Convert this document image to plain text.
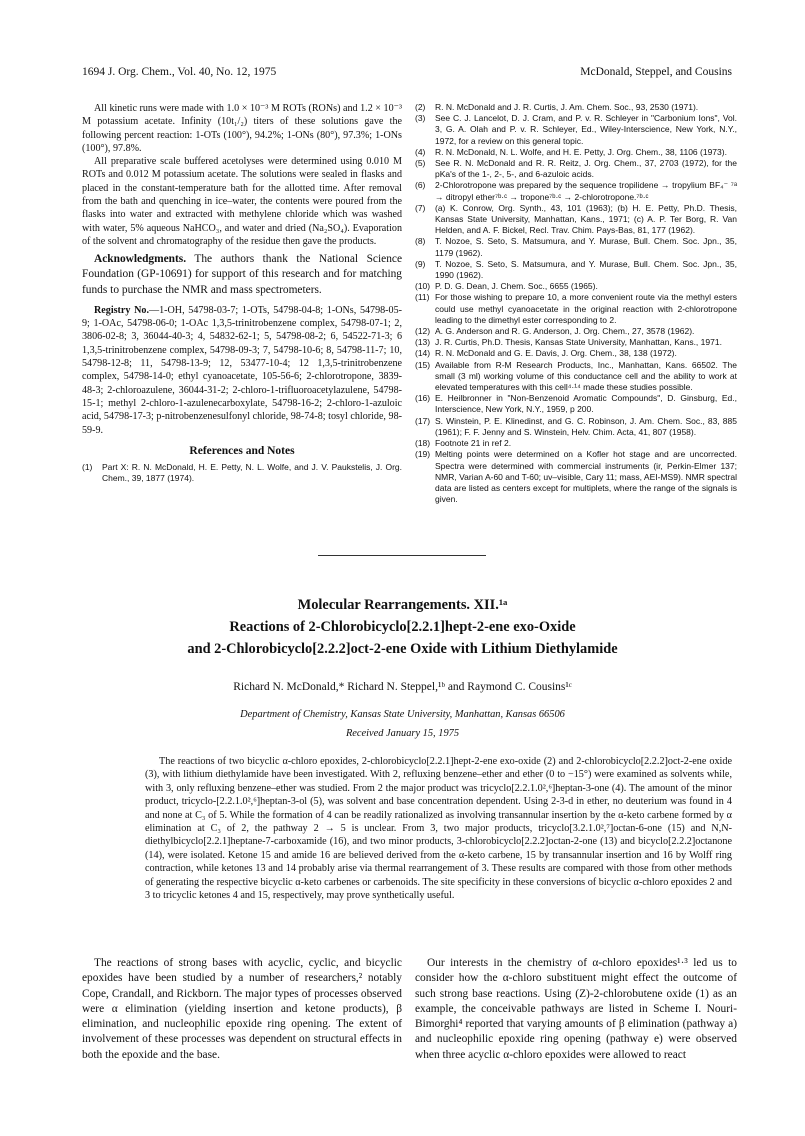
1694 J. Org. Chem., Vol. 40, No. 12, 1975	McDonald, Steppel, and Cousins

All kinetic runs were made with 1.0 × 10⁻³ M ROTs (RONs) and 1.2 × 10⁻³ M potassium acetate. Infinity (10t₁/₂) titers of these solutions gave the following percent reaction: 1-OTs (100°), 94.2%; 1-ONs (80°), 97.3%; 1-ONs (100°), 97.8%.

All preparative scale buffered acetolyses were determined using 0.010 M ROTs and 0.012 M potassium acetate. The solutions were sealed in flasks and placed in the constant-temperature bath for the allotted time. After removal from the bath and quenching in ice–water, the contents were poured from the flasks into water and extracted with methylene chloride which was washed with water, 5% aqueous NaHCO₃, and water and dried (Na₂SO₄). Evaporation of the solvent and chromatography of the residue then gave the products.

Acknowledgments. The authors thank the National Science Foundation (GP-10691) for support of this research and for matching funds to purchase the NMR and mass spectrometers.
Registry No.—1-OH, 54798-03-7; 1-OTs, 54798-04-8; 1-ONs, 54798-05-9; 1-OAc, 54798-06-0; 1-OAc 1,3,5-trinitrobenzene complex, 54798-07-1; 2, 3806-02-8; 3, 36044-40-3; 4, 54832-62-1; 5, 54798-08-2; 6, 54522-71-3; 6 1,3,5-trinitrobenzene complex, 54798-09-3; 7, 54798-10-6; 8, 54798-11-7; 10, 54798-12-8; 11, 54798-13-9; 12, 53477-10-4; 12 1,3,5-trinitrobenzene complex, 54798-14-0; ethyl cyanoacetate, 105-56-6; 2-chlorotropone, 3839-48-3; 2-chloroazulene, 36044-31-2; 2-chloro-1-trifluoroacetylazulene, 54798-15-1; methyl 2-chloro-1-azulenecarboxylate, 54798-16-2; 2-chloro-1-azuloic acid, 54798-17-3; p-nitrobenzenesulfonyl chloride, 98-74-8; tosyl chloride, 98-59-9.
References and Notes
(1)	Part X: R. N. McDonald, H. E. Petty, N. L. Wolfe, and J. V. Paukstelis, J. Org. Chem., 39, 1877 (1974).
(2)	R. N. McDonald and J. R. Curtis, J. Am. Chem. Soc., 93, 2530 (1971).
(3)	See C. J. Lancelot, D. J. Cram, and P. v. R. Schleyer in "Carbonium Ions", Vol. 3, G. A. Olah and P. v. R. Schleyer, Ed., Wiley-Interscience, New York, N.Y., 1972, for a review on this general topic.
(4)	R. N. McDonald, N. L. Wolfe, and H. E. Petty, J. Org. Chem., 38, 1106 (1973).
(5)	See R. N. McDonald and R. R. Reitz, J. Org. Chem., 37, 2703 (1972), for the pKa's of the 1-, 2-, 5-, and 6-azuloic acids.
(6)	2-Chlorotropone was prepared by the sequence tropilidene → tropylium BF₄⁻ ⁷ᵃ → ditropyl ether⁷ᵇ·ᶜ → tropone⁷ᵇ·ᶜ → 2-chlorotropone.⁷ᵇ·ᶜ
(7)	(a) K. Conrow, Org. Synth., 43, 101 (1963); (b) H. E. Petty, Ph.D. Thesis, Kansas State University, Manhattan, Kans., 1971; (c) A. P. Ter Borg, R. Van Helden, and A. F. Bickel, Recl. Trav. Chim. Pays-Bas, 81, 177 (1962).
(8)	T. Nozoe, S. Seto, S. Matsumura, and Y. Murase, Bull. Chem. Soc. Jpn., 35, 1179 (1962).
(9)	T. Nozoe, S. Seto, S. Matsumura, and Y. Murase, Bull. Chem. Soc. Jpn., 35, 1990 (1962).
(10) P. D. G. Dean, J. Chem. Soc., 6655 (1965).
(11) For those wishing to prepare 10, a more convenient route via the methyl esters could use methyl cyanoacetate in the original reaction with 2-chlorotropone leading to the dimethyl ester corresponding to 2.
(12) A. G. Anderson and R. G. Anderson, J. Org. Chem., 27, 3578 (1962).
(13) J. R. Curtis, Ph.D. Thesis, Kansas State University, Manhattan, Kans., 1971.
(14) R. N. McDonald and G. E. Davis, J. Org. Chem., 38, 138 (1972).
(15) Available from R-M Research Products, Inc., Manhattan, Kans. 66502. The small (3 ml) working volume of this conductance cell and the ability to work at elevated temperatures with this cell⁴·¹⁴ made these studies possible.
(16) E. Heilbronner in "Non-Benzenoid Aromatic Compounds", D. Ginsburg, Ed., Interscience, New York, N.Y., 1959, p 200.
(17) S. Winstein, P. E. Klinedinst, and G. C. Robinson, J. Am. Chem. Soc., 83, 885 (1961); F. F. Jenny and S. Winstein, Helv. Chim. Acta, 41, 807 (1958).
(18) Footnote 21 in ref 2.
(19) Melting points were determined on a Kofler hot stage and are uncorrected. Spectra were determined with commercial instruments (ir, Perkin-Elmer 137; NMR, Varian A-60 and T-60; uv–visible, Cary 11; mass, AEI-MS9). NMR spectral data are listed as centers except for multiplets, where the range of the signals is given.
Molecular Rearrangements. XII.¹ᵃ
Reactions of 2-Chlorobicyclo[2.2.1]hept-2-ene exo-Oxide
and 2-Chlorobicyclo[2.2.2]oct-2-ene Oxide with Lithium Diethylamide
Richard N. McDonald,* Richard N. Steppel,¹ᵇ and Raymond C. Cousins¹ᶜ
Department of Chemistry, Kansas State University, Manhattan, Kansas 66506
Received January 15, 1975
The reactions of two bicyclic α-chloro epoxides, 2-chlorobicyclo[2.2.1]hept-2-ene exo-oxide (2) and 2-chlorobicyclo[2.2.2]oct-2-ene oxide (3), with lithium diethylamide have been investigated. With 2, refluxing benzene–ether and ether (0 to −15°) were examined as solvents while, with 3, only refluxing benzene–ether was studied. From 2 the major product was tricyclo[2.2.1.0²,⁶]heptan-3-one (4). The amount of the minor product, tricyclo-[2.2.1.0²,⁶]heptan-3-ol (5), was solvent and base concentration dependent. Using 2-3-d in ether, no deuterium was found in 4 and none at C₃ of 5. While the formation of 4 can be readily rationalized as involving transannular insertion by the α-keto carbene formed by α elimination at C₃ of 2, the pathway 2 → 5 is unclear. From 3, two major products, tricyclo[3.2.1.0²,⁷]octan-6-one (15) and N,N-diethylbicyclo[2.2.1]heptane-7-carboxamide (16), and two minor products, 3-chlorobicyclo[2.2.2]octan-2-one (13) and bicyclo[2.2.2]octanone (14), were isolated. Ketone 15 and amide 16 are believed derived from the α-keto carbene, 15 by transannular insertion and 16 by Wolff ring contraction, while ketones 13 and 14 probably arise via thermal rearrangement of 3. These results are compared with those from other methods of generating the respective bicyclic α-keto carbenes or carbenoids. The site specificity in these conversions of bicyclic α-chloro epoxides 2 and 3 to tricyclic ketones 4 and 15, respectively, may prove synthetically useful.
The reactions of strong bases with acyclic, cyclic, and bicyclic epoxides have been studied by a number of researchers,² notably Cope, Crandall, and Rickborn. The major types of processes observed were α elimination (yielding insertion and ketone products), β elimination, and nucleophilic epoxide ring opening. The extent of involvement of these processes was dependent on structural effects in both the epoxide and the base.
Our interests in the chemistry of α-chloro epoxides¹·³ led us to consider how the α-chloro substituent might effect the outcome of such strong base reactions. Using (Z)-2-chlorobutene oxide (1) as an example, the conceivable pathways are listed in Scheme I. Nouri-Bimorghi⁴ reported that varying amounts of β elimination (pathway a) and nucleophilic epoxide ring opening (pathway e) were observed when three acyclic α-chloro epoxides were allowed to react
